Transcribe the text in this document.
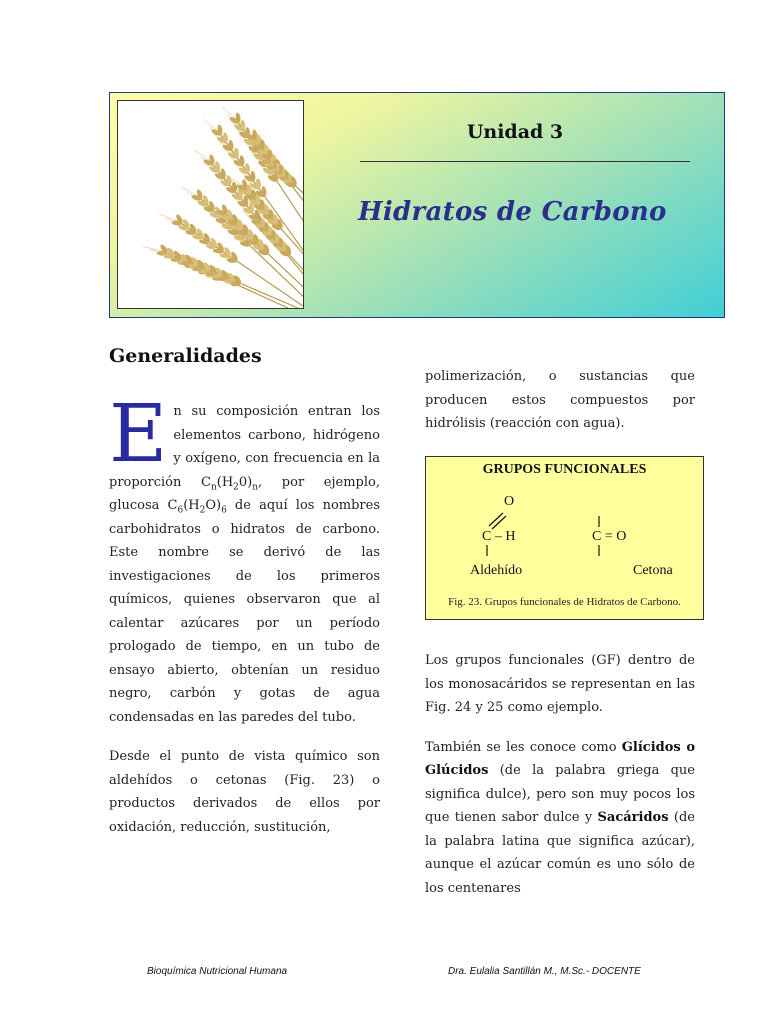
Unidad 3
Hidratos de Carbono
Generalidades

En su composición entran los elementos carbono, hidrógeno y oxígeno, con frecuencia en la proporción $C_n(H_20)_n$, por ejemplo, glucosa $C_6(H_2O)_6$ de aquí los nombres carbohidratos o hidratos de carbono. Este nombre se derivó de las investigaciones de los primeros químicos, quienes observaron que al calentar azúcares por un período prologado de tiempo, en un tubo de ensayo abierto, obtenían un residuo negro, carbón y gotas de agua condensadas en las paredes del tubo.

Desde el punto de vista químico son aldehídos o cetonas (Fig. 23) o productos derivados de ellos por oxidación, reducción, sustitución,

polimerización, o sustancias que producen estos compuestos por hidrólisis (reacción con agua).

GRUPOS FUNCIONALES
O
C – H	C = O
Aldehído	Cetona
Fig. 23. Grupos funcionales de Hidratos de Carbono.

Los grupos funcionales (GF) dentro de los monosacáridos se representan en las Fig. 24 y 25 como ejemplo.

También se les conoce como Glícidos o Glúcidos (de la palabra griega que significa dulce), pero son muy pocos los que tienen sabor dulce y Sacáridos (de la palabra latina que significa azúcar), aunque el azúcar común es uno sólo de los centenares

Bioquímica Nutricional Humana	Dra. Eulalia Santillán M., M.Sc.- DOCENTE
